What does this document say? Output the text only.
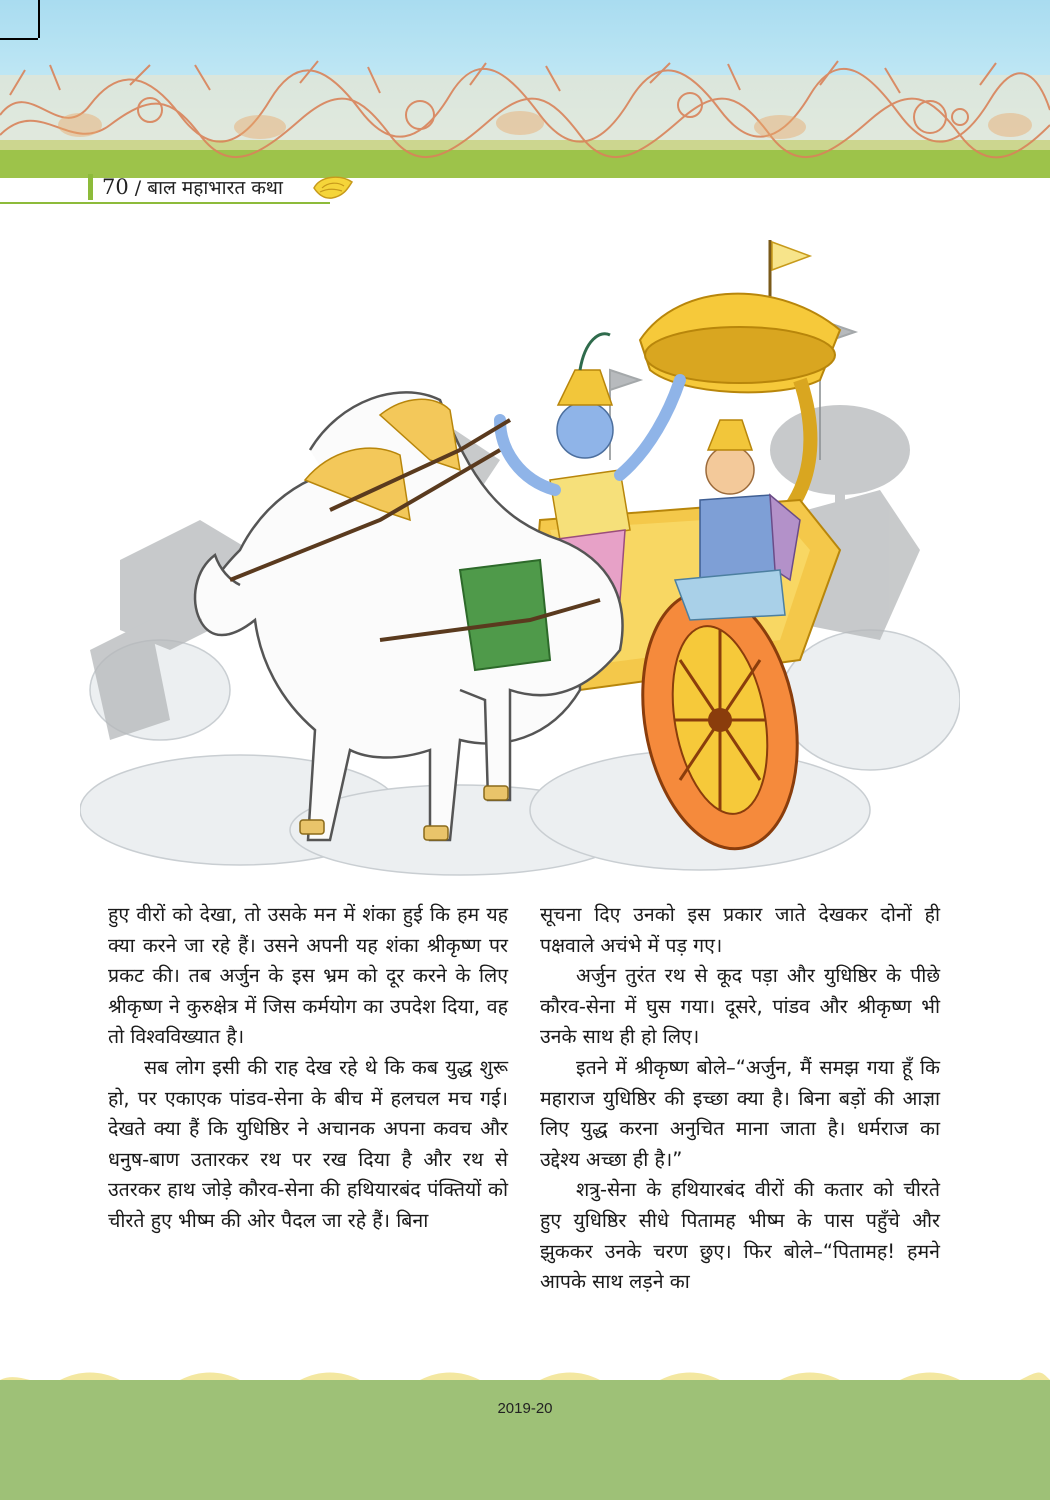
70 / बाल महाभारत कथा

हुए वीरों को देखा, तो उसके मन में शंका हुई कि हम यह क्या करने जा रहे हैं। उसने अपनी यह शंका श्रीकृष्ण पर प्रकट की। तब अर्जुन के इस भ्रम को दूर करने के लिए श्रीकृष्ण ने कुरुक्षेत्र में जिस कर्मयोग का उपदेश दिया, वह तो विश्वविख्यात है।

सब लोग इसी की राह देख रहे थे कि कब युद्ध शुरू हो, पर एकाएक पांडव-सेना के बीच में हलचल मच गई। देखते क्या हैं कि युधिष्ठिर ने अचानक अपना कवच और धनुष-बाण उतारकर रथ पर रख दिया है और रथ से उतरकर हाथ जोड़े कौरव-सेना की हथियारबंद पंक्तियों को चीरते हुए भीष्म की ओर पैदल जा रहे हैं। बिना

सूचना दिए उनको इस प्रकार जाते देखकर दोनों ही पक्षवाले अचंभे में पड़ गए।

अर्जुन तुरंत रथ से कूद पड़ा और युधिष्ठिर के पीछे कौरव-सेना में घुस गया। दूसरे, पांडव और श्रीकृष्ण भी उनके साथ ही हो लिए।

इतने में श्रीकृष्ण बोले–“अर्जुन, मैं समझ गया हूँ कि महाराज युधिष्ठिर की इच्छा क्या है। बिना बड़ों की आज्ञा लिए युद्ध करना अनुचित माना जाता है। धर्मराज का उद्देश्य अच्छा ही है।”

शत्रु-सेना के हथियारबंद वीरों की कतार को चीरते हुए युधिष्ठिर सीधे पितामह भीष्म के पास पहुँचे और झुककर उनके चरण छुए। फिर बोले–“पितामह! हमने आपके साथ लड़ने का

2019-20
